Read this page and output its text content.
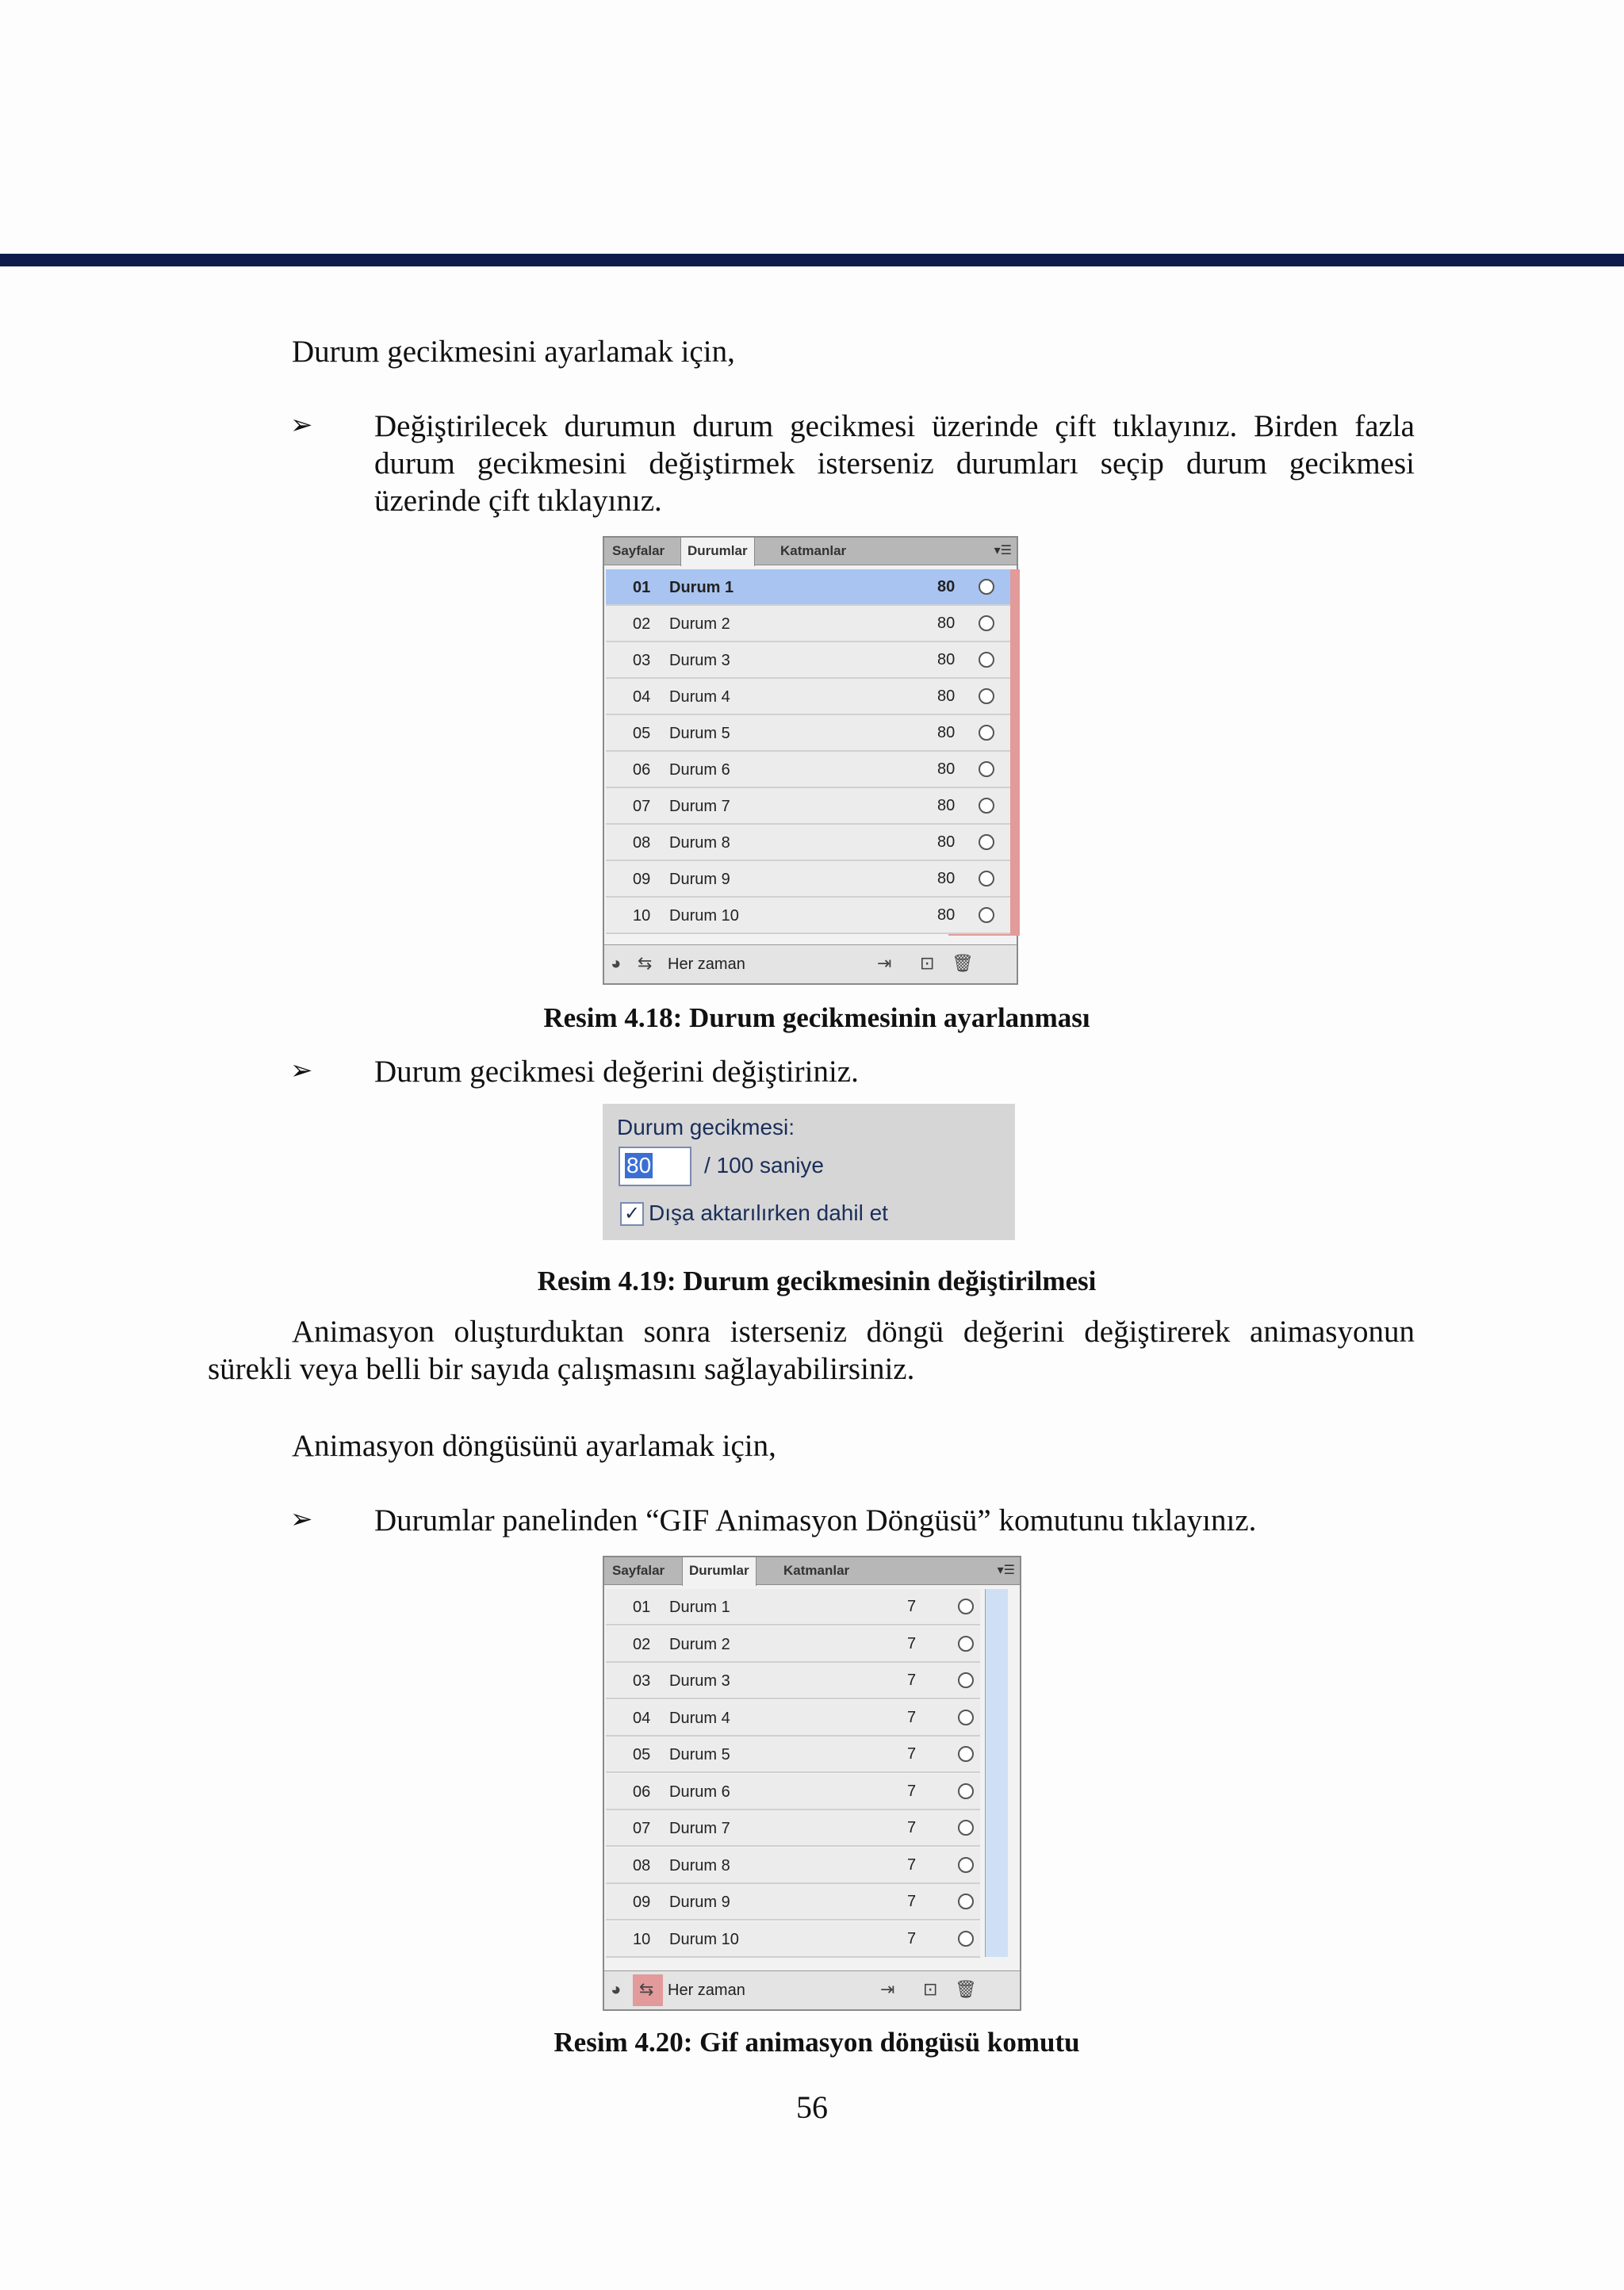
Durum gecikmesini ayarlamak için,
➢ Değiştirilecek durumun durum gecikmesi üzerinde çift tıklayınız. Birden fazla durum gecikmesini değiştirmek isterseniz durumları seçip durum gecikmesi üzerinde çift tıklayınız.
Sayfalar	Durumlar	Katmanlar	▾☰
01 Durum 1	80
02 Durum 2	80
03 Durum 3	80
04 Durum 4	80
05 Durum 5	80
06 Durum 6	80
07 Durum 7	80
08 Durum 8	80
09 Durum 9	80
10 Durum 10	80
◕ ⇆ Her zaman	⇥ ⊡ 🗑
Resim 4.18: Durum gecikmesinin ayarlanması
➢ Durum gecikmesi değerini değiştiriniz.
Durum gecikmesi:
80 / 100 saniye
✓ Dışa aktarılırken dahil et
Resim 4.19: Durum gecikmesinin değiştirilmesi
Animasyon oluşturduktan sonra isterseniz döngü değerini değiştirerek animasyonun sürekli veya belli bir sayıda çalışmasını sağlayabilirsiniz.
Animasyon döngüsünü ayarlamak için,
➢ Durumlar panelinden “GIF Animasyon Döngüsü” komutunu tıklayınız.
Sayfalar	Durumlar	Katmanlar	▾☰
01 Durum 1	7
02 Durum 2	7
03 Durum 3	7
04 Durum 4	7
05 Durum 5	7
06 Durum 6	7
07 Durum 7	7
08 Durum 8	7
09 Durum 9	7
10 Durum 10	7
◕ ⇆ Her zaman	⇥ ⊡ 🗑
Resim 4.20: Gif animasyon döngüsü komutu
56
